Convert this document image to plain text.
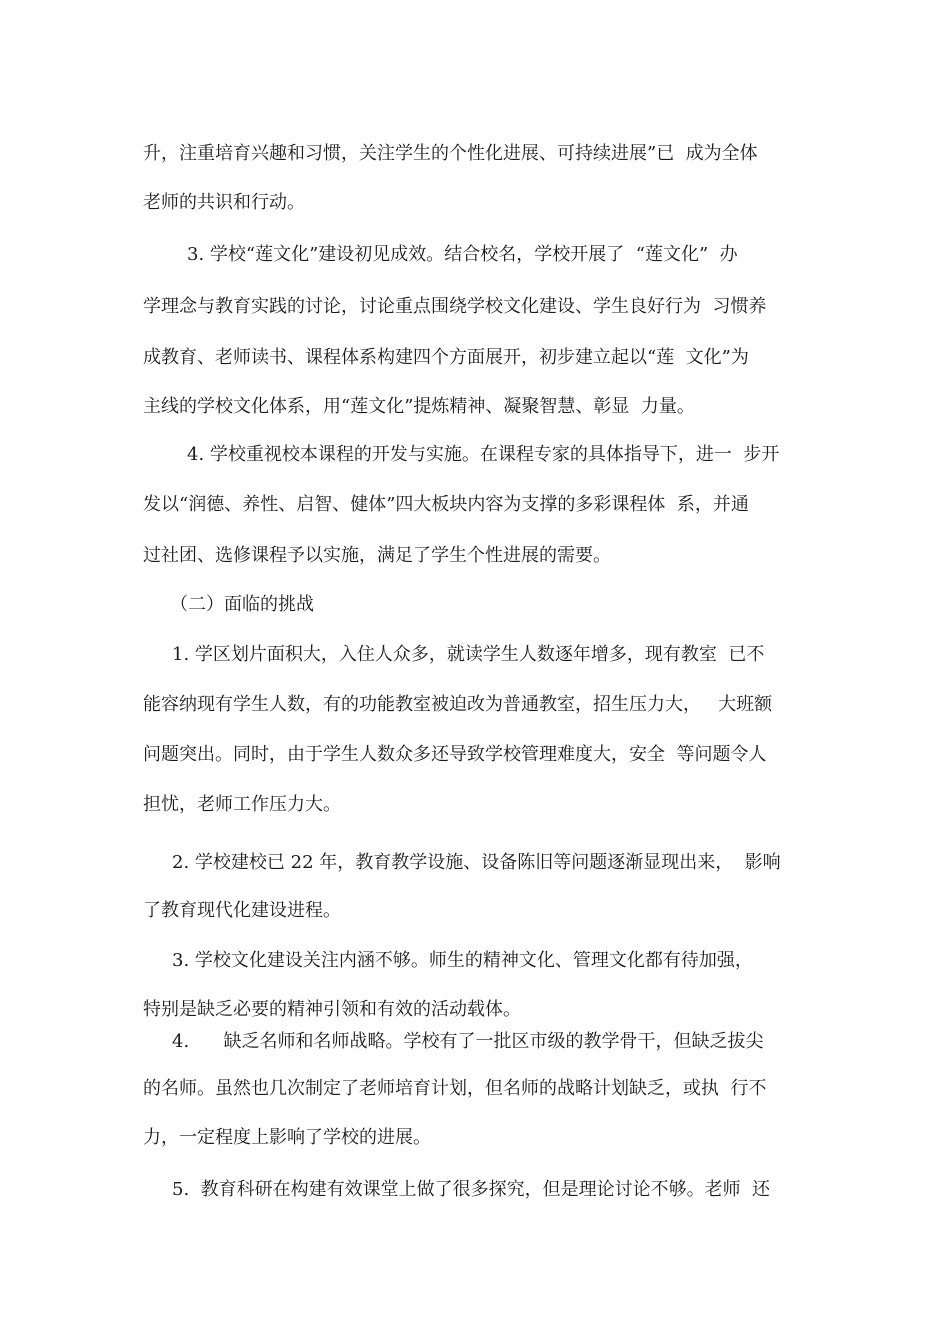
升，注重培育兴趣和习惯，关注学生的个性化进展、可持续进展”已  成为全体

老师的共识和行动。

3. 学校“莲文化”建设初见成效。结合校名，学校开展了  “莲文化”  办

学理念与教育实践的讨论，讨论重点围绕学校文化建设、学生良好行为  习惯养

成教育、老师读书、课程体系构建四个方面展开，初步建立起以“莲  文化”为

主线的学校文化体系，用“莲文化”提炼精神、凝聚智慧、彰显  力量。

4. 学校重视校本课程的开发与实施。在课程专家的具体指导下，进一  步开

发以“润德、养性、启智、健体”四大板块内容为支撑的多彩课程体  系，并通

过社团、选修课程予以实施，满足了学生个性进展的需要。

（二）面临的挑战

1. 学区划片面积大，入住人众多，就读学生人数逐年增多，现有教室  已不

能容纳现有学生人数，有的功能教室被迫改为普通教室，招生压力大，   大班额

问题突出。同时，由于学生人数众多还导致学校管理难度大，安全  等问题令人

担忧，老师工作压力大。

2. 学校建校已 22 年，教育教学设施、设备陈旧等问题逐渐显现出来，  影响

了教育现代化建设进程。

3. 学校文化建设关注内涵不够。师生的精神文化、管理文化都有待加强，

特别是缺乏必要的精神引领和有效的活动载体。

4.      缺乏名师和名师战略。学校有了一批区市级的教学骨干，但缺乏拔尖

的名师。虽然也几次制定了老师培育计划，但名师的战略计划缺乏，或执  行不

力，一定程度上影响了学校的进展。

5.  教育科研在构建有效课堂上做了很多探究，但是理论讨论不够。老师  还
